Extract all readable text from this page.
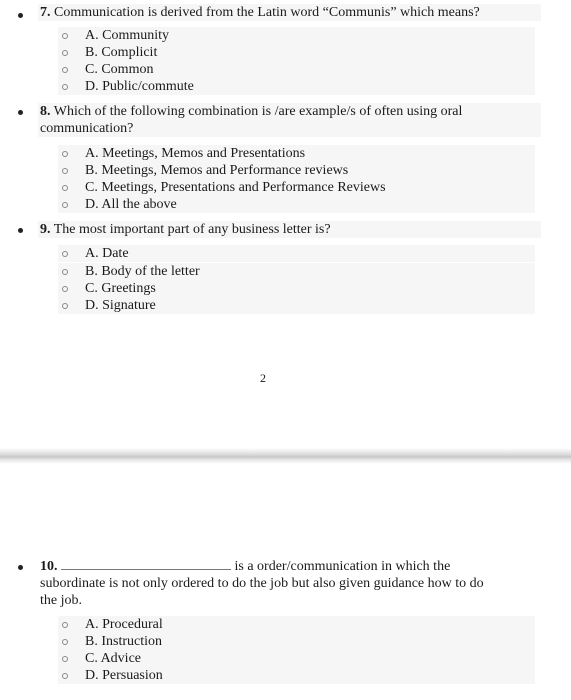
7. Communication is derived from the Latin word “Communis” which means?
A. Community
B. Complicit
C. Common
D. Public/commute
8. Which of the following combination is /are example/s of often using oral
communication?
A. Meetings, Memos and Presentations
B. Meetings, Memos and Performance reviews
C. Meetings, Presentations and Performance Reviews
D. All the above
9. The most important part of any business letter is?
A. Date
B. Body of the letter
C. Greetings
D. Signature
2
10.	is a order/communication in which the
subordinate is not only ordered to do the job but also given guidance how to do
the job.
A. Procedural
B. Instruction
C. Advice
D. Persuasion
